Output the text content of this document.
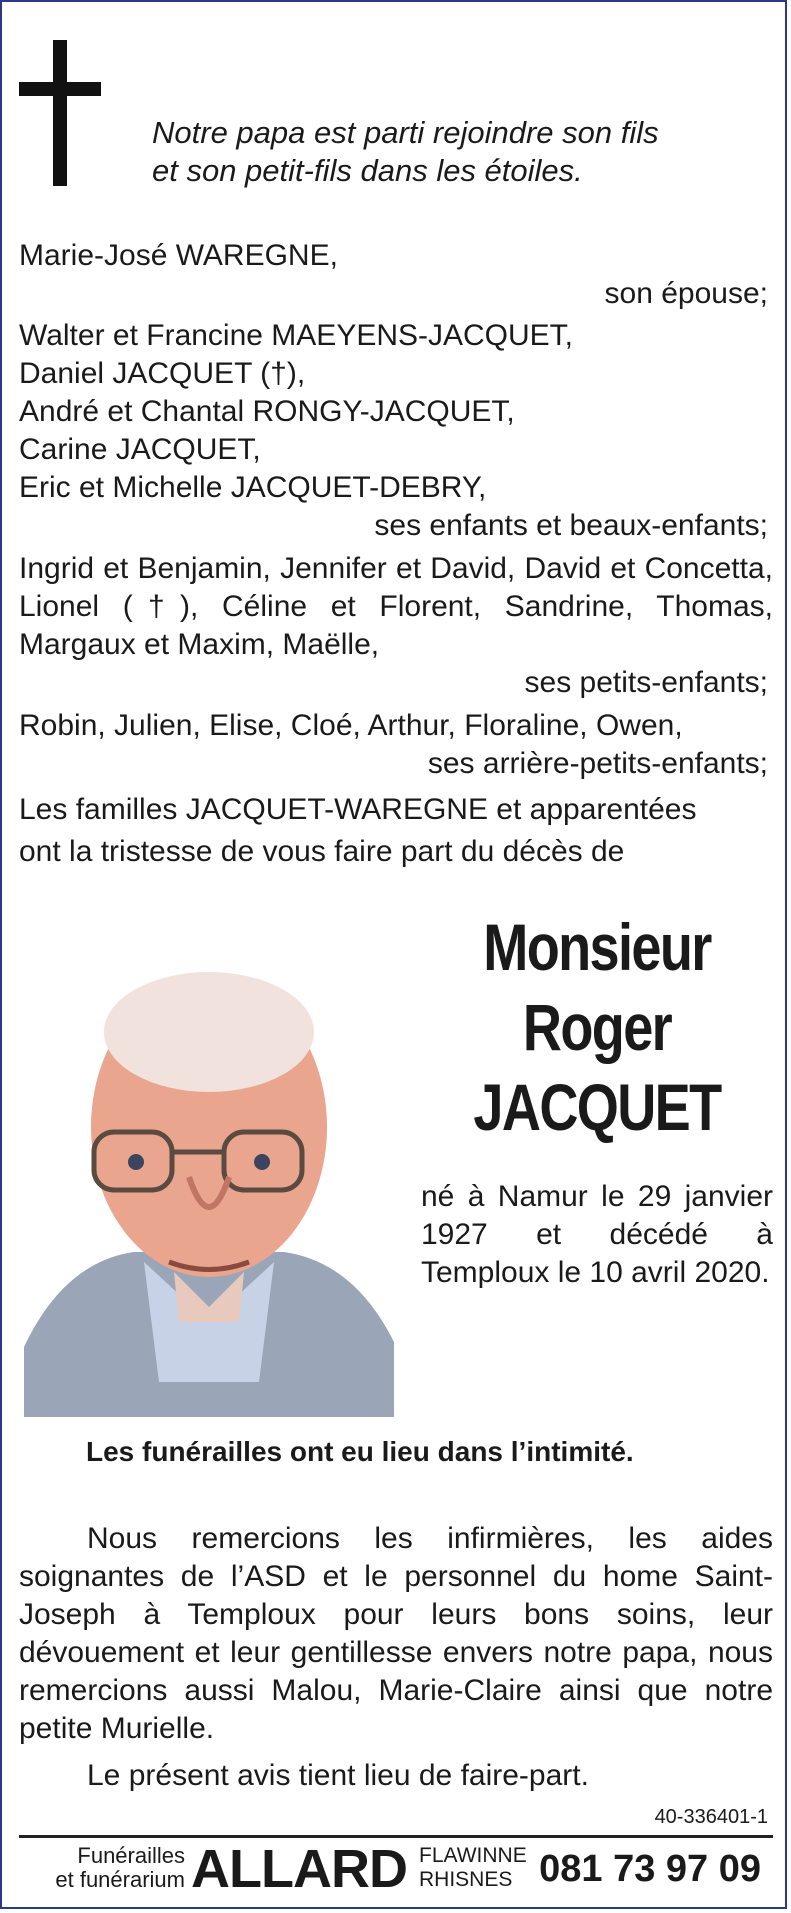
Notre papa est parti rejoindre son fils
et son petit-fils dans les étoiles.
Marie-José WAREGNE,
son épouse;
Walter et Francine MAEYENS-JACQUET,
Daniel JACQUET (†),
André et Chantal RONGY-JACQUET,
Carine JACQUET,
Eric et Michelle JACQUET-DEBRY,
ses enfants et beaux-enfants;
Ingrid et Benjamin, Jennifer et David, David et Concetta, Lionel (†), Céline et Florent, Sandrine, Thomas, Margaux et Maxim, Maëlle,
ses petits-enfants;
Robin, Julien, Elise, Cloé, Arthur, Floraline, Owen,
ses arrière-petits-enfants;
Les familles JACQUET-WAREGNE et apparentées
ont la tristesse de vous faire part du décès de
Monsieur
Roger
JACQUET
né à Namur le 29 janvier 1927 et décédé à Temploux le 10 avril 2020.
Les funérailles ont eu lieu dans l’intimité.
Nous remercions les infirmières, les aides soignantes de l’ASD et le personnel du home Saint-Joseph à Temploux pour leurs bons soins, leur dévouement et leur gentillesse envers notre papa, nous remercions aussi Malou, Marie-Claire ainsi que notre petite Murielle.
Le présent avis tient lieu de faire-part.
40-336401-1
Funérailles
et funérarium ALLARD FLAWINNE
RHISNES 081 73 97 09
